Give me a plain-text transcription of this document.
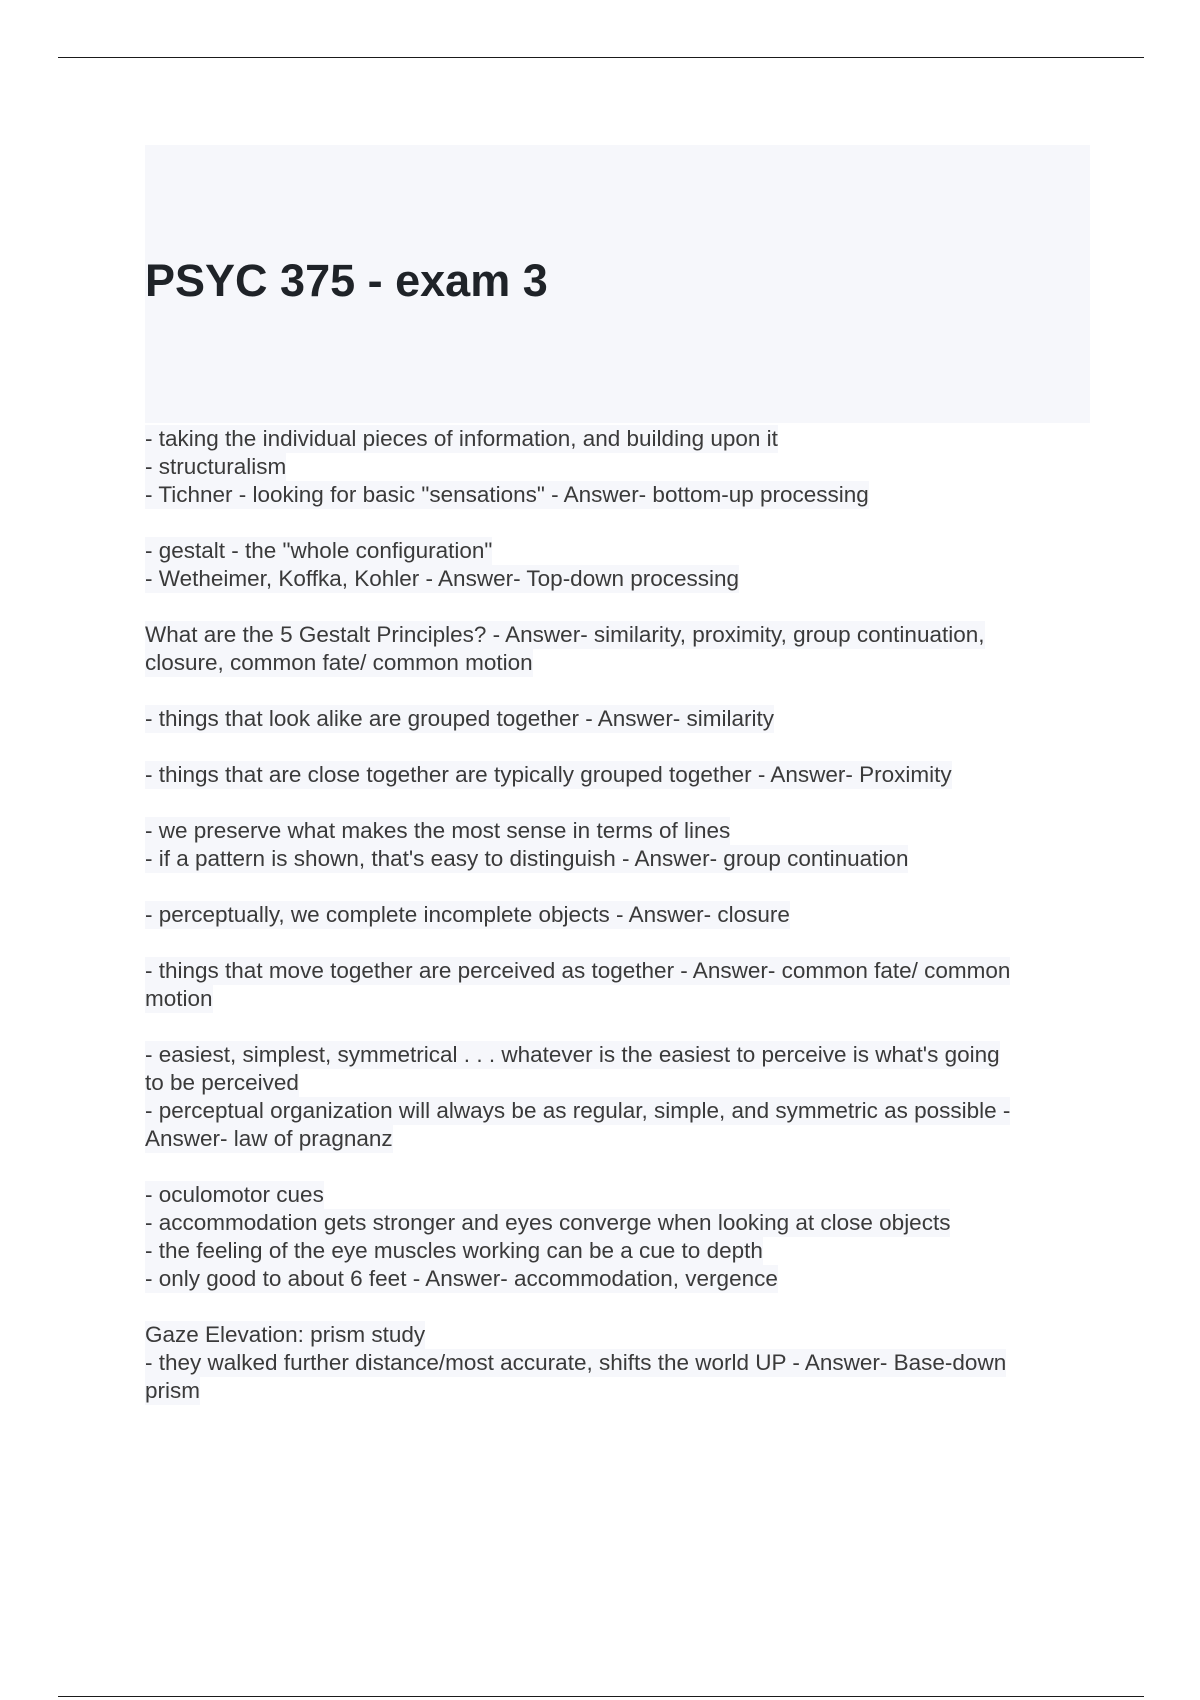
PSYC 375 - exam 3
- taking the individual pieces of information, and building upon it
- structuralism
- Tichner - looking for basic "sensations" - Answer- bottom-up processing

- gestalt - the "whole configuration"
- Wetheimer, Koffka, Kohler - Answer- Top-down processing

What are the 5 Gestalt Principles? - Answer- similarity, proximity, group continuation,
closure, common fate/ common motion

- things that look alike are grouped together - Answer- similarity

- things that are close together are typically grouped together - Answer- Proximity

- we preserve what makes the most sense in terms of lines
- if a pattern is shown, that's easy to distinguish - Answer- group continuation

- perceptually, we complete incomplete objects - Answer- closure

- things that move together are perceived as together - Answer- common fate/ common
motion

- easiest, simplest, symmetrical . . . whatever is the easiest to perceive is what's going
to be perceived
- perceptual organization will always be as regular, simple, and symmetric as possible -
Answer- law of pragnanz

- oculomotor cues
- accommodation gets stronger and eyes converge when looking at close objects
- the feeling of the eye muscles working can be a cue to depth
- only good to about 6 feet - Answer- accommodation, vergence

Gaze Elevation: prism study
- they walked further distance/most accurate, shifts the world UP - Answer- Base-down
prism
